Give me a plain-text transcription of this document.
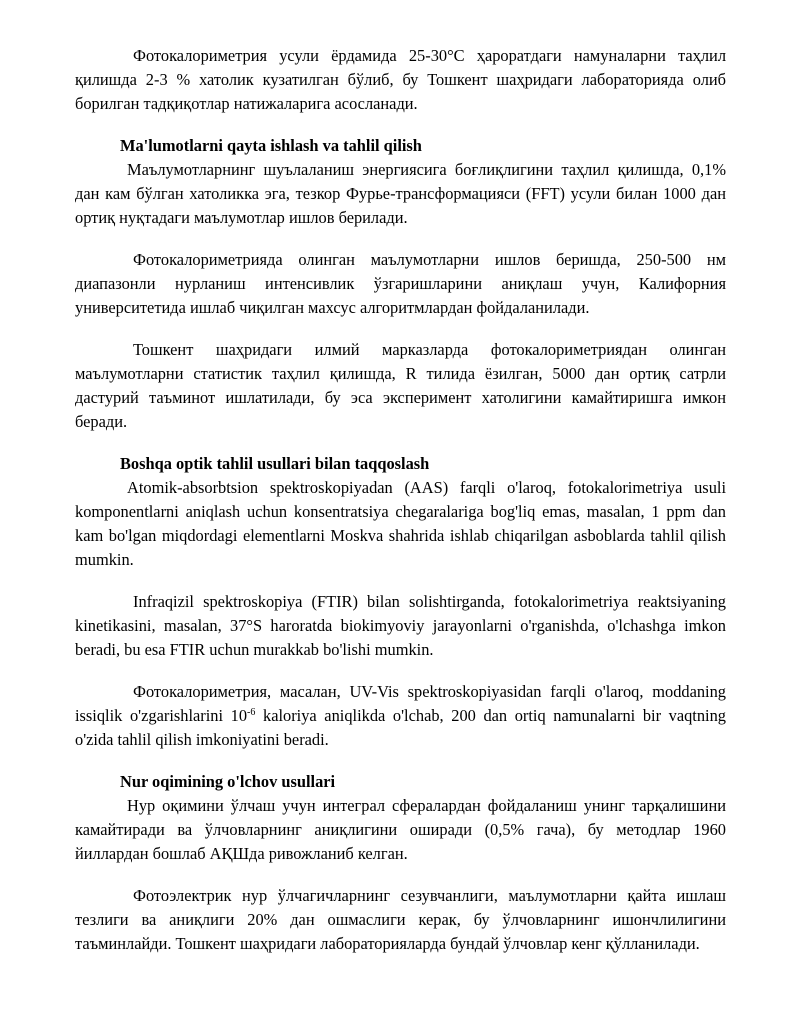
Фотокалориметрия усули ёрдамида 25-30°С ҳароратдаги намуналарни таҳлил қилишда 2-3 % хатолик кузатилган бўлиб, бу Тошкент шаҳридаги лабораторияда олиб борилган тадқиқотлар натижаларига асосланади.

Ma'lumotlarni qayta ishlash va tahlil qilish

Маълумотларнинг шуълаланиш энергиясига боғлиқлигини таҳлил қилишда, 0,1% дан кам бўлган хатоликка эга, тезкор Фурье-трансформацияси (FFT) усули билан 1000 дан ортиқ нуқтадаги маълумотлар ишлов берилади.

Фотокалориметрияда олинган маълумотларни ишлов беришда, 250-500 нм диапазонли нурланиш интенсивлик ўзгаришларини аниқлаш учун, Калифорния университетида ишлаб чиқилган махсус алгоритмлардан фойдаланилади.

Тошкент шаҳридаги илмий марказларда фотокалориметриядан олинган маълумотларни статистик таҳлил қилишда, R тилида ёзилган, 5000 дан ортиқ сатрли дастурий таъминот ишлатилади, бу эса эксперимент хатолигини камайтиришга имкон беради.

Boshqa optik tahlil usullari bilan taqqoslash

Atomik-absorbtsion spektroskopiyadan (AAS) farqli o'laroq, fotokalorimetriya usuli komponentlarni aniqlash uchun konsentratsiya chegaralariga bog'liq emas, masalan, 1 ppm dan kam bo'lgan miqdordagi elementlarni Moskva shahrida ishlab chiqarilgan asboblarda tahlil qilish mumkin.

Infraqizil spektroskopiya (FTIR) bilan solishtirganda, fotokalorimetriya reaktsiyaning kinetikasini, masalan, 37°S haroratda biokimyoviy jarayonlarni o'rganishda, o'lchashga imkon beradi, bu esa FTIR uchun murakkab bo'lishi mumkin.

Фотокалориметрия, масалан, UV-Vis spektroskopiyasidan farqli o'laroq, moddaning issiqlik o'zgarishlarini $10^{-6}$ kaloriya aniqlikda o'lchab, 200 dan ortiq namunalarni bir vaqtning o'zida tahlil qilish imkoniyatini beradi.

Nur oqimining o'lchov usullari

Нур оқимини ўлчаш учун интеграл сфералардан фойдаланиш унинг тарқалишини камайтиради ва ўлчовларнинг аниқлигини оширади (0,5% гача), бу методлар 1960 йиллардан бошлаб АҚШда ривожланиб келган.

Фотоэлектрик нур ўлчагичларнинг сезувчанлиги, маълумотларни қайта ишлаш тезлиги ва аниқлиги 20% дан ошмаслиги керак, бу ўлчовларнинг ишончлилигини таъминлайди. Тошкент шаҳридаги лабораторияларда бундай ўлчовлар кенг қўлланилади.
